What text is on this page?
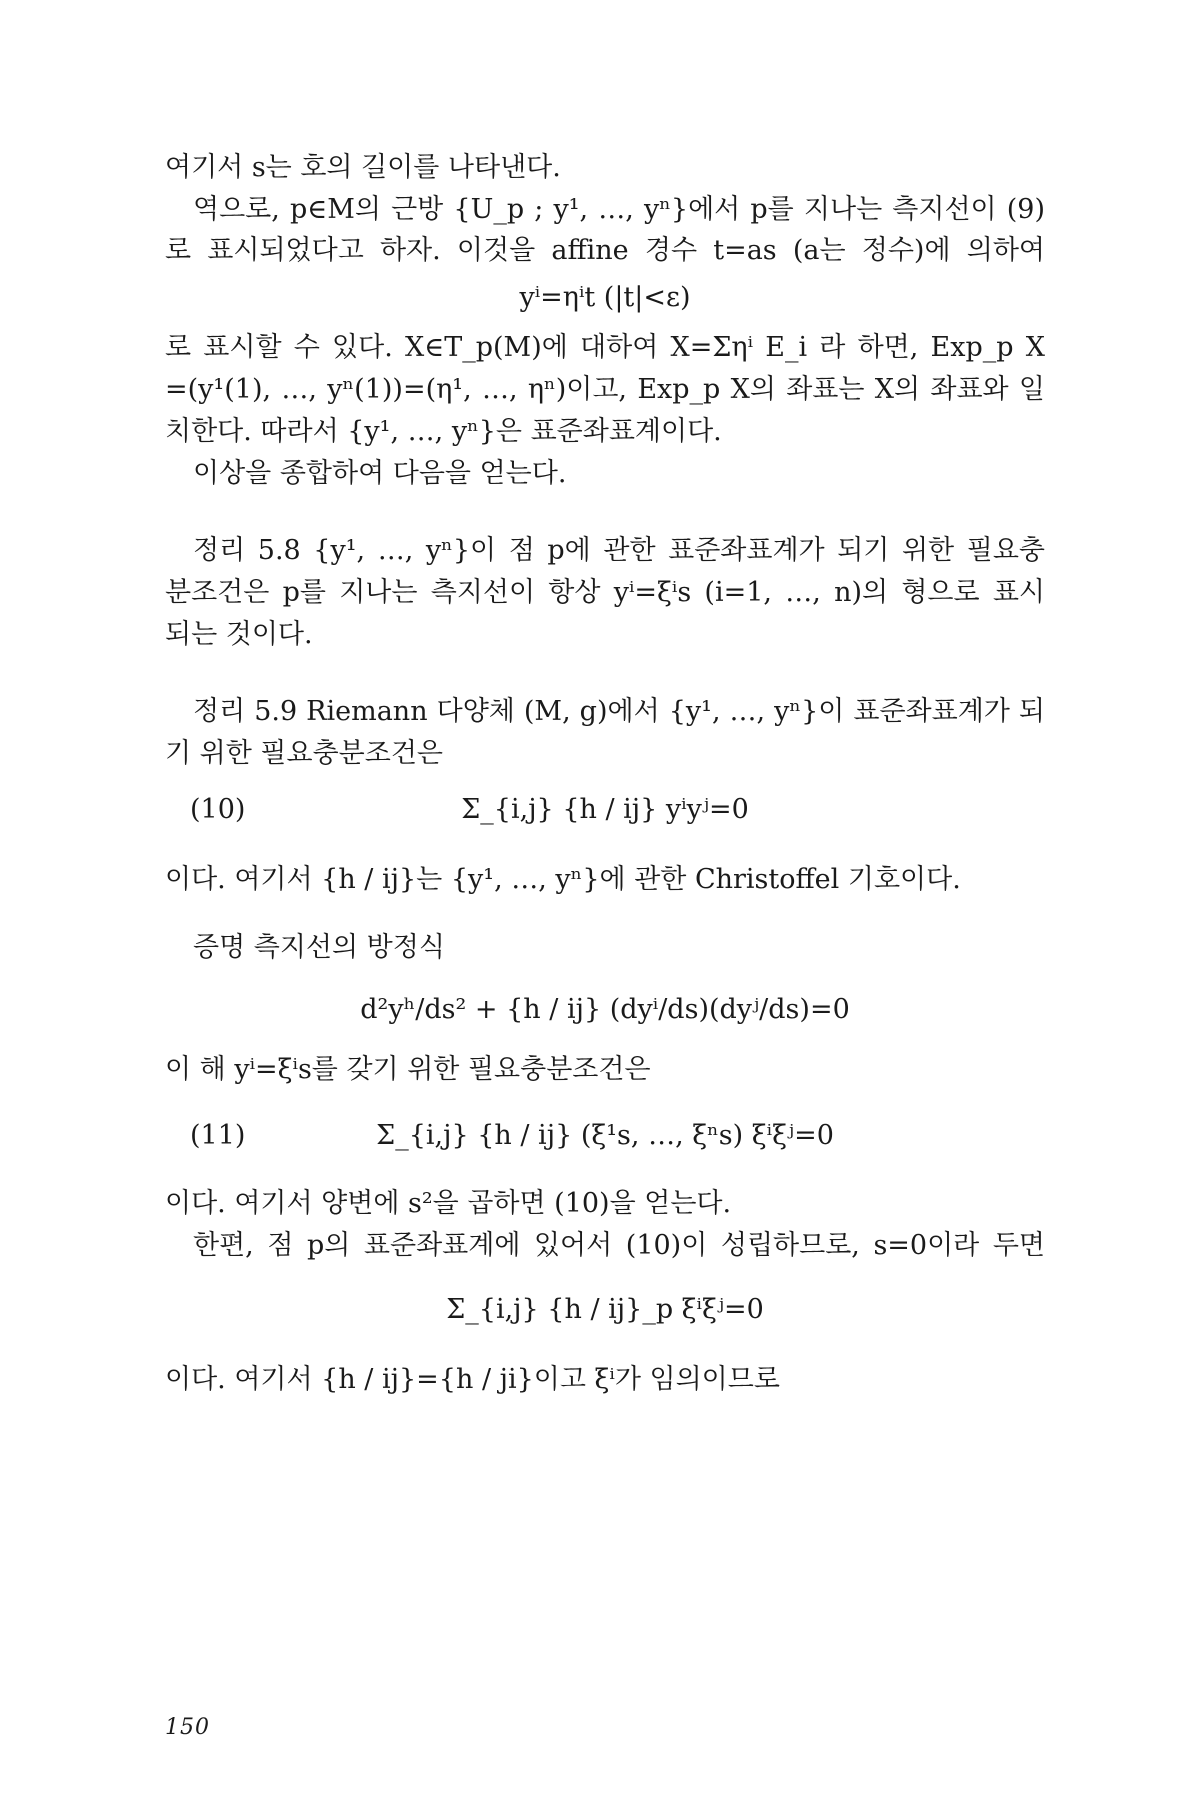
여기서 s는 호의 길이를 나타낸다.
역으로, p∈M의 근방 {U_p ; y¹, …, yⁿ}에서 p를 지나는 측지선이 (9)
로 표시되었다고 하자. 이것을 affine 경수 t=as (a는 정수)에 의하여
yⁱ=ηⁱt (|t|<ε)
로 표시할 수 있다. X∈T_p(M)에 대하여 X=Σηⁱ E_i 라 하면, Exp_p X
=(y¹(1), …, yⁿ(1))=(η¹, …, ηⁿ)이고, Exp_p X의 좌표는 X의 좌표와 일
치한다. 따라서 {y¹, …, yⁿ}은 표준좌표계이다.
이상을 종합하여 다음을 얻는다.
정리 5.8 {y¹, …, yⁿ}이 점 p에 관한 표준좌표계가 되기 위한 필요충
분조건은 p를 지나는 측지선이 항상 yⁱ=ξⁱs (i=1, …, n)의 형으로 표시
되는 것이다.
정리 5.9 Riemann 다양체 (M, g)에서 {y¹, …, yⁿ}이 표준좌표계가 되
기 위한 필요충분조건은
(10)	Σ_{i,j} {h / ij} yⁱyʲ=0
이다. 여기서 {h / ij}는 {y¹, …, yⁿ}에 관한 Christoffel 기호이다.
증명 측지선의 방정식
d²yʰ/ds² + {h / ij} (dyⁱ/ds)(dyʲ/ds)=0
이 해 yⁱ=ξⁱs를 갖기 위한 필요충분조건은
(11)	Σ_{i,j} {h / ij} (ξ¹s, …, ξⁿs) ξⁱξʲ=0
이다. 여기서 양변에 s²을 곱하면 (10)을 얻는다.
한편, 점 p의 표준좌표계에 있어서 (10)이 성립하므로, s=0이라 두면
Σ_{i,j} {h / ij}_p ξⁱξʲ=0
이다. 여기서 {h / ij}={h / ji}이고 ξⁱ가 임의이므로
150
